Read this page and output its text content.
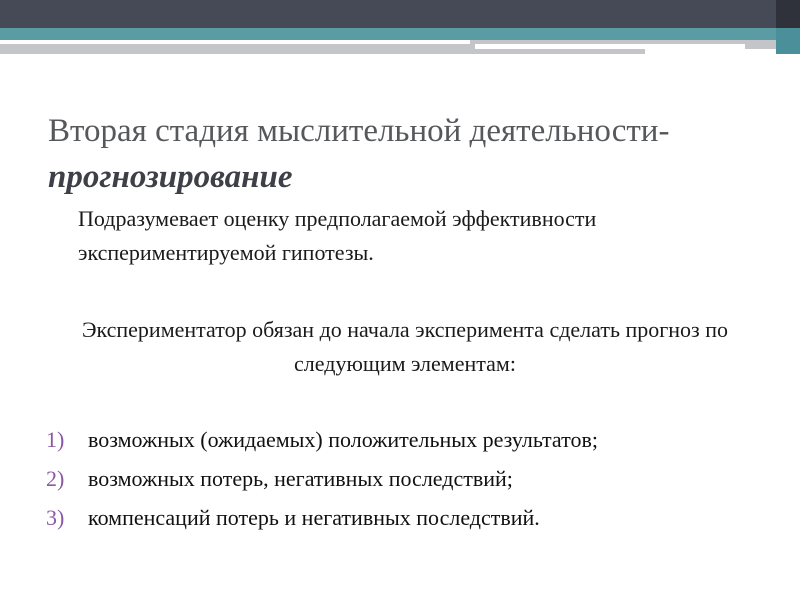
Вторая стадия мыслительной деятельности- прогнозирование
Подразумевает оценку предполагаемой эффективности экспериментируемой гипотезы.
Экспериментатор обязан до начала эксперимента сделать прогноз по следующим элементам:
1)	возможных (ожидаемых) положительных результатов;
2)	возможных потерь, негативных последствий;
3)	компенсаций потерь и негативных последствий.
